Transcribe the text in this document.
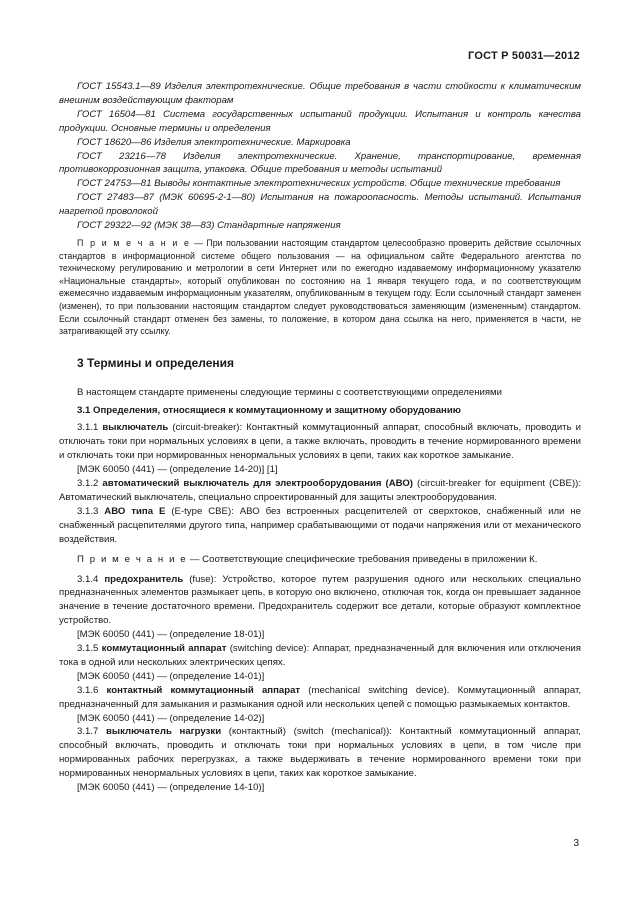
ГОСТ Р 50031—2012

ГОСТ 15543.1—89 Изделия электротехнические. Общие требования в части стойкости к климатическим внешним воздействующим факторам

ГОСТ 16504—81 Система государственных испытаний продукции. Испытания и контроль качества продукции. Основные термины и определения

ГОСТ 18620—86 Изделия электротехнические. Маркировка

ГОСТ 23216—78 Изделия электротехнические. Хранение, транспортирование, временная противокоррозионная защита, упаковка. Общие требования и методы испытаний

ГОСТ 24753—81 Выводы контактные электротехнических устройств. Общие технические требования

ГОСТ 27483—87 (МЭК 60695-2-1—80) Испытания на пожароопасность. Методы испытаний. Испытания нагретой проволокой

ГОСТ 29322—92 (МЭК 38—83) Стандартные напряжения

П р и м е ч а н и е — При пользовании настоящим стандартом целесообразно проверить действие ссылочных стандартов в информационной системе общего пользования — на официальном сайте Федерального агентства по техническому регулированию и метрологии в сети Интернет или по ежегодно издаваемому информационному указателю «Национальные стандарты», который опубликован по состоянию на 1 января текущего года, и по соответствующим ежемесячно издаваемым информационным указателям, опубликованным в текущем году. Если ссылочный стандарт заменен (изменен), то при пользовании настоящим стандартом следует руководствоваться заменяющим (измененным) стандартом. Если ссылочный стандарт отменен без замены, то положение, в котором дана ссылка на него, применяется в части, не затрагивающей эту ссылку.

3 Термины и определения

В настоящем стандарте применены следующие термины с соответствующими определениями

3.1 Определения, относящиеся к коммутационному и защитному оборудованию

3.1.1 выключатель (circuit-breaker): Контактный коммутационный аппарат, способный включать, проводить и отключать токи при нормальных условиях в цепи, а также включать, проводить в течение нормированного времени и отключать токи при нормированных ненормальных условиях в цепи, таких как короткое замыкание.

[МЭК 60050 (441) — (определение 14-20)] [1]

3.1.2 автоматический выключатель для электрооборудования (АВО) (circuit-breaker for equipment (CBE)): Автоматический выключатель, специально спроектированный для защиты электрооборудования.

3.1.3 АВО типа Е (E-type CBE): АВО без встроенных расцепителей от сверхтоков, снабженный или не снабженный расцепителями другого типа, например срабатывающими от подачи напряжения или от механического воздействия.

П р и м е ч а н и е — Соответствующие специфические требования приведены в приложении К.

3.1.4 предохранитель (fuse): Устройство, которое путем разрушения одного или нескольких специально предназначенных элементов размыкает цепь, в которую оно включено, отключая ток, когда он превышает заданное значение в течение достаточного времени. Предохранитель содержит все детали, которые образуют комплектное устройство.

[МЭК 60050 (441) — (определение 18-01)]

3.1.5 коммутационный аппарат (switching device): Аппарат, предназначенный для включения или отключения тока в одной или нескольких электрических цепях.

[МЭК 60050 (441) — (определение 14-01)]

3.1.6 контактный коммутационный аппарат (mechanical switching device). Коммутационный аппарат, предназначенный для замыкания и размыкания одной или нескольких цепей с помощью размыкаемых контактов.

[МЭК 60050 (441) — (определение 14-02)]

3.1.7 выключатель нагрузки (контактный) (switch (mechanical)): Контактный коммутационный аппарат, способный включать, проводить и отключать токи при нормальных условиях в цепи, в том числе при нормированных рабочих перегрузках, а также выдерживать в течение нормированного времени токи при нормированных ненормальных условиях в цепи, таких как короткое замыкание.

[МЭК 60050 (441) — (определение 14-10)]

3
